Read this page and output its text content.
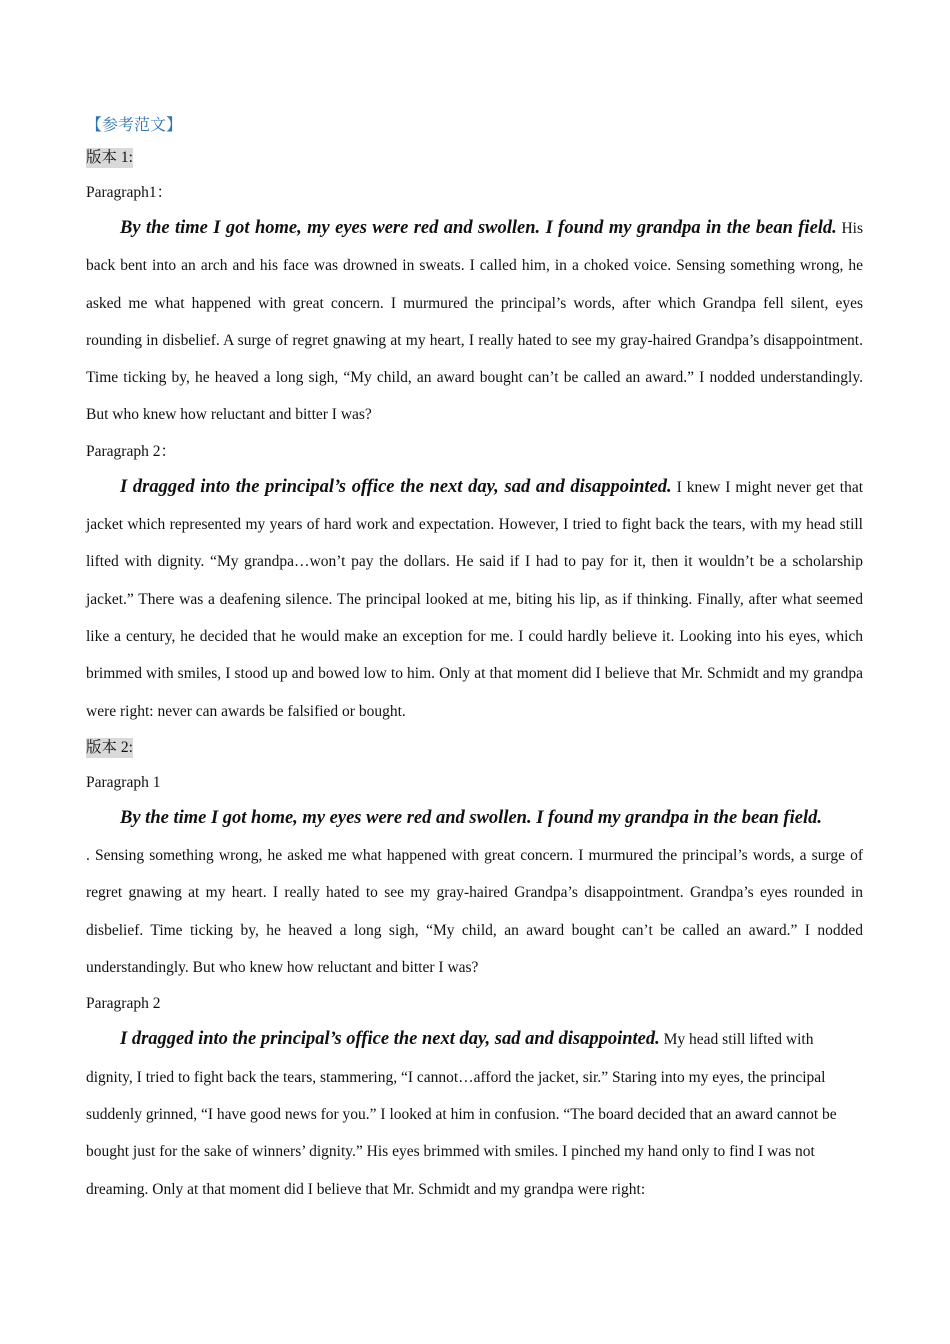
【参考范文】

版本 1:

Paragraph1：

By the time I got home, my eyes were red and swollen. I found my grandpa in the bean field. His back bent into an arch and his face was drowned in sweats. I called him, in a choked voice. Sensing something wrong, he asked me what happened with great concern. I murmured the principal’s words, after which Grandpa fell silent, eyes rounding in disbelief. A surge of regret gnawing at my heart, I really hated to see my gray-haired Grandpa’s disappointment. Time ticking by, he heaved a long sigh, “My child, an award bought can’t be called an award.” I nodded understandingly. But who knew how reluctant and bitter I was?

Paragraph 2：

I dragged into the principal’s office the next day, sad and disappointed. I knew I might never get that jacket which represented my years of hard work and expectation. However, I tried to fight back the tears, with my head still lifted with dignity. “My grandpa…won’t pay the dollars. He said if I had to pay for it, then it wouldn’t be a scholarship jacket.” There was a deafening silence. The principal looked at me, biting his lip, as if thinking. Finally, after what seemed like a century, he decided that he would make an exception for me. I could hardly believe it. Looking into his eyes, which brimmed with smiles, I stood up and bowed low to him. Only at that moment did I believe that Mr. Schmidt and my grandpa were right: never can awards be falsified or bought.

版本 2:

Paragraph 1

By the time I got home, my eyes were red and swollen. I found my grandpa in the bean field.
. Sensing something wrong, he asked me what happened with great concern. I murmured the principal’s words, a surge of regret gnawing at my heart. I really hated to see my gray-haired Grandpa’s disappointment. Grandpa’s eyes rounded in disbelief. Time ticking by, he heaved a long sigh, “My child, an award bought can’t be called an award.” I nodded understandingly. But who knew how reluctant and bitter I was?

Paragraph 2

I dragged into the principal’s office the next day, sad and disappointed. My head still lifted with dignity, I tried to fight back the tears, stammering, “I cannot…afford the jacket, sir.” Staring into my eyes, the principal suddenly grinned, “I have good news for you.” I looked at him in confusion. “The board decided that an award cannot be bought just for the sake of winners’ dignity.” His eyes brimmed with smiles. I pinched my hand only to find I was not dreaming. Only at that moment did I believe that Mr. Schmidt and my grandpa were right:
